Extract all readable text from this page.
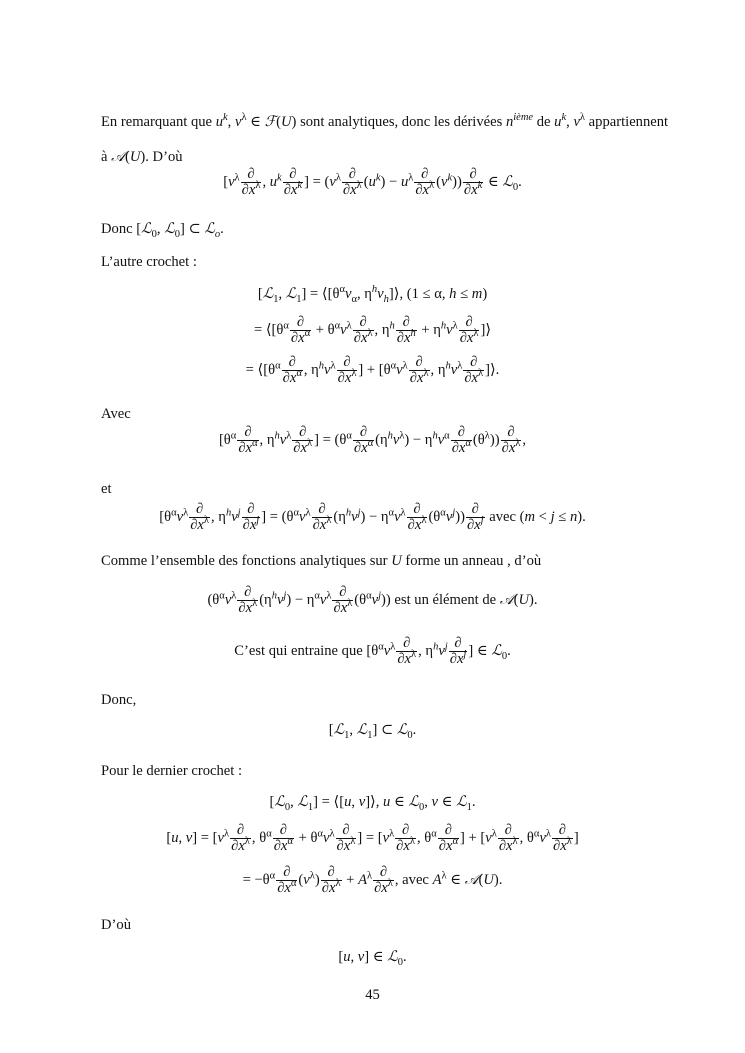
En remarquant que $u^k$, $v^\lambda$ ∈ ℱ(U) sont analytiques, donc les dérivées $n^{ième}$ de $u^k$, $v^\lambda$ appartiennent
à 𝒜(U). D’où
[$v^\lambda \frac{\partial}{\partial x^\lambda}$ , $u^k \frac{\partial}{\partial x^k}$ ] = $(v^\lambda \frac{\partial}{\partial x^\lambda} (u^k) - u^\lambda \frac{\partial}{\partial x^\lambda} (v^k)) \frac{\partial}{\partial x^k}$ ∈ ℒ$_0$.
Donc [ℒ$_0$, ℒ$_0$] ⊂ ℒ$_o$.
L’autre crochet :
[ℒ$_1$, ℒ$_1$] = $⟨[\theta^\alpha v_\alpha$, $\eta^hv_h]⟩$, (1 ≤ α, h ≤ m)
= $⟨[\theta^\alpha \frac{\partial}{\partial x^\alpha} + \theta^\alpha v^\lambda \frac{\partial}{\partial x^\lambda}$ , $\eta^h \frac{\partial}{\partial x^h} + \eta^hv^\lambda \frac{\partial}{\partial x^\lambda}$ ]⟩
= $⟨[\theta^\alpha \frac{\partial}{\partial x^\alpha}$ , $\eta^hv^\lambda \frac{\partial}{\partial x^\lambda}$ ] + [$\theta^\alpha v^\lambda \frac{\partial}{\partial x^\lambda}$ , $\eta^hv^\lambda \frac{\partial}{\partial x^\lambda}$ ]⟩.
Avec
[$\theta^\alpha \frac{\partial}{\partial x^\alpha}$ , $\eta^hv^\lambda \frac{\partial}{\partial x^\lambda}$ ] = $(\theta^\alpha \frac{\partial}{\partial x^\alpha} (\eta^hv^\lambda) - \eta^hv^\alpha \frac{\partial}{\partial x^\alpha} (\theta^\lambda)) \frac{\partial}{\partial x^\lambda}$ ,
et
[$\theta^\alpha v^\lambda \frac{\partial}{\partial x^\lambda}$ , $\eta^hv^j \frac{\partial}{\partial x^j}$ ] = $(\theta^\alpha v^\lambda \frac{\partial}{\partial x^\lambda} (\eta^hv^j) - \eta^\alpha v^\lambda \frac{\partial}{\partial x^\lambda} (\theta^\alpha v^j)) \frac{\partial}{\partial x^j}$ avec (m < j ≤ n).
Comme l’ensemble des fonctions analytiques sur U forme un anneau , d’où
$(\theta^\alpha v^\lambda \frac{\partial}{\partial x^\lambda} (\eta^hv^j) - \eta^\alpha v^\lambda \frac{\partial}{\partial x^\lambda} (\theta^\alpha v^j))$ est un élément de 𝒜(U).
C’est qui entraine que [$\theta^\alpha v^\lambda \frac{\partial}{\partial x^\lambda}$ , $\eta^hv^j \frac{\partial}{\partial x^j}$ ] ∈ ℒ$_0$.
Donc,
[ℒ$_1$, ℒ$_1$] ⊂ ℒ$_0$.
Pour le dernier crochet :
[ℒ$_0$, ℒ$_1$] = ⟨[u, v]⟩, u ∈ ℒ$_0$, v ∈ ℒ$_1$.
[u, $v] = [v^\lambda \frac{\partial}{\partial x^\lambda}$ , $\theta^\alpha \frac{\partial}{\partial x^\alpha} + \theta^\alpha v^\lambda \frac{\partial}{\partial x^\lambda}$ ] = [$v^\lambda \frac{\partial}{\partial x^\lambda}$ , $\theta^\alpha \frac{\partial}{\partial x^\alpha}$ ] + [$v^\lambda \frac{\partial}{\partial x^\lambda}$ , $\theta^\alpha v^\lambda \frac{\partial}{\partial x^\lambda}$ ]
= $-\theta^\alpha \frac{\partial}{\partial x^\alpha} (v^\lambda) \frac{\partial}{\partial x^\lambda} + A^\lambda \frac{\partial}{\partial x^\lambda}$ , avec $A^\lambda$ ∈ 𝒜(U).
D’où
[u, v] ∈ ℒ$_0$.
45
